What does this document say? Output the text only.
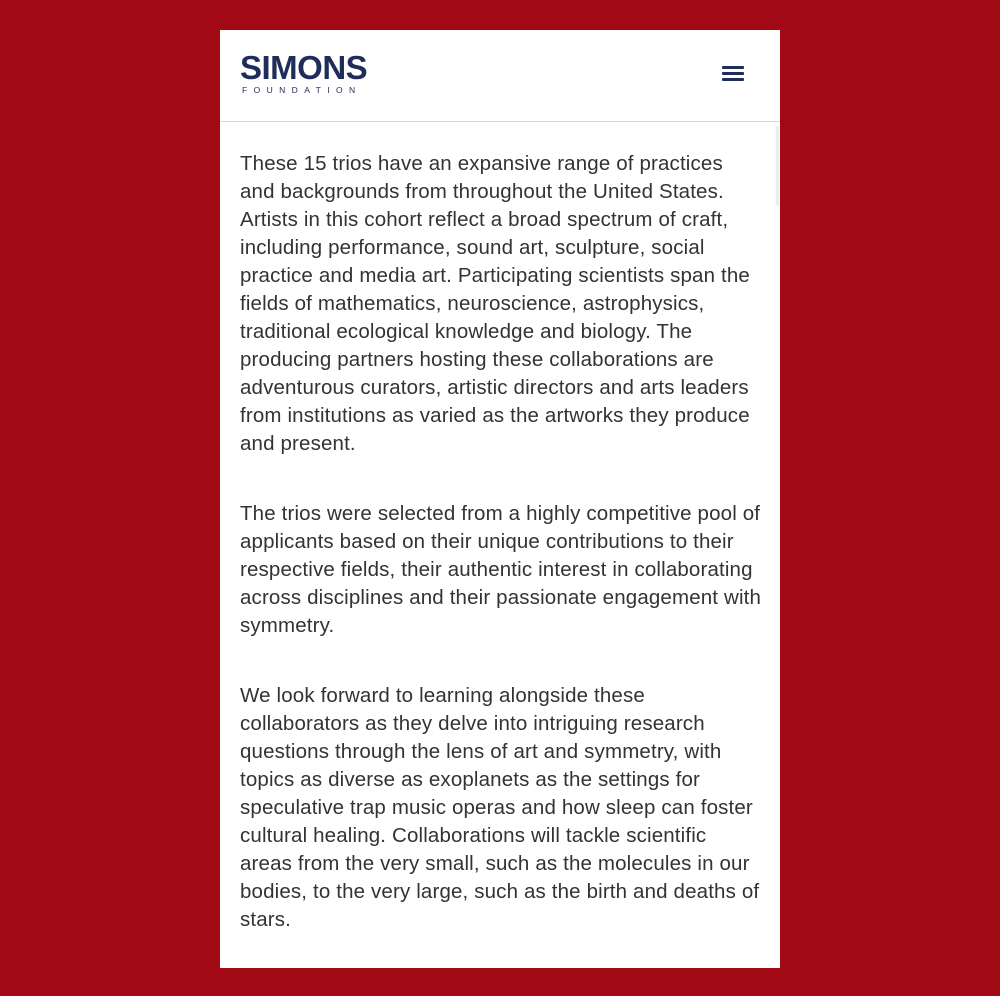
SIMONS
FOUNDATION

These 15 trios have an expansive range of practices and backgrounds from throughout the United States. Artists in this cohort reflect a broad spectrum of craft, including performance, sound art, sculpture, social practice and media art. Participating scientists span the fields of mathematics, neuroscience, astrophysics, traditional ecological knowledge and biology. The producing partners hosting these collaborations are adventurous curators, artistic directors and arts leaders from institutions as varied as the artworks they produce and present.

The trios were selected from a highly competitive pool of applicants based on their unique contributions to their respective fields, their authentic interest in collaborating across disciplines and their passionate engagement with symmetry.

We look forward to learning alongside these collaborators as they delve into intriguing research questions through the lens of art and symmetry, with topics as diverse as exoplanets as the settings for speculative trap music operas and how sleep can foster cultural healing. Collaborations will tackle scientific areas from the very small, such as the molecules in our bodies, to the very large, such as the birth and deaths of stars.
